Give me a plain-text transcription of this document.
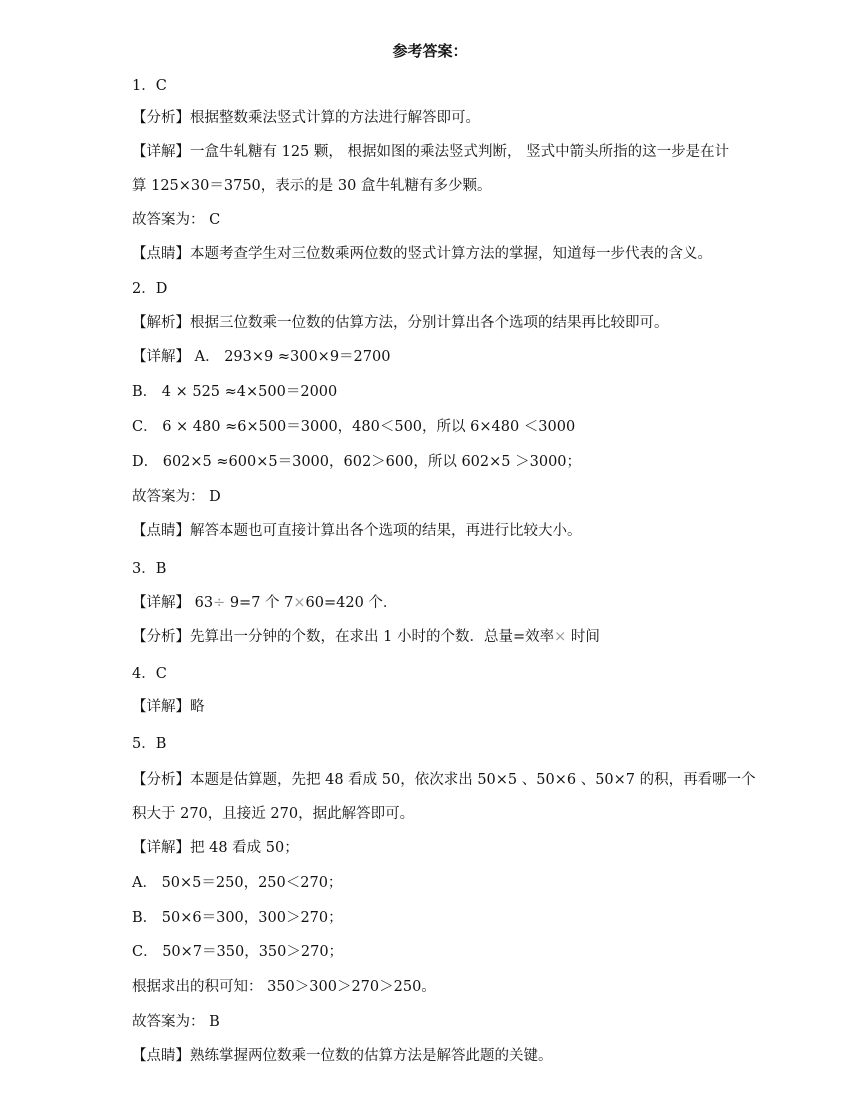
参考答案：
1．C
【分析】根据整数乘法竖式计算的方法进行解答即可。
【详解】一盒牛轧糖有 125 颗， 根据如图的乘法竖式判断， 竖式中箭头所指的这一步是在计
算 125×30＝3750，表示的是 30 盒牛轧糖有多少颗。
故答案为： C
【点睛】本题考查学生对三位数乘两位数的竖式计算方法的掌握，知道每一步代表的含义。
2．D
【解析】根据三位数乘一位数的估算方法，分别计算出各个选项的结果再比较即可。
【详解】 A． 293×9 ≈300×9＝2700
B． 4 × 525 ≈4×500＝2000
C． 6 × 480 ≈6×500＝3000，480＜500，所以 6×480 ＜3000
D． 602×5 ≈600×5＝3000，602＞600，所以 602×5 ＞3000；
故答案为： D
【点睛】解答本题也可直接计算出各个选项的结果，再进行比较大小。
3．B
【详解】 63÷ 9=7 个 7×60=420 个．
【分析】先算出一分钟的个数，在求出 1 小时的个数．总量=效率× 时间
4．C
【详解】略
5．B
【分析】本题是估算题，先把 48 看成 50，依次求出 50×5 、50×6 、50×7 的积，再看哪一个
积大于 270，且接近 270，据此解答即可。
【详解】把 48 看成 50；
A． 50×5＝250，250＜270；
B． 50×6＝300，300＞270；
C． 50×7＝350，350＞270；
根据求出的积可知： 350＞300＞270＞250。
故答案为： B
【点睛】熟练掌握两位数乘一位数的估算方法是解答此题的关键。
